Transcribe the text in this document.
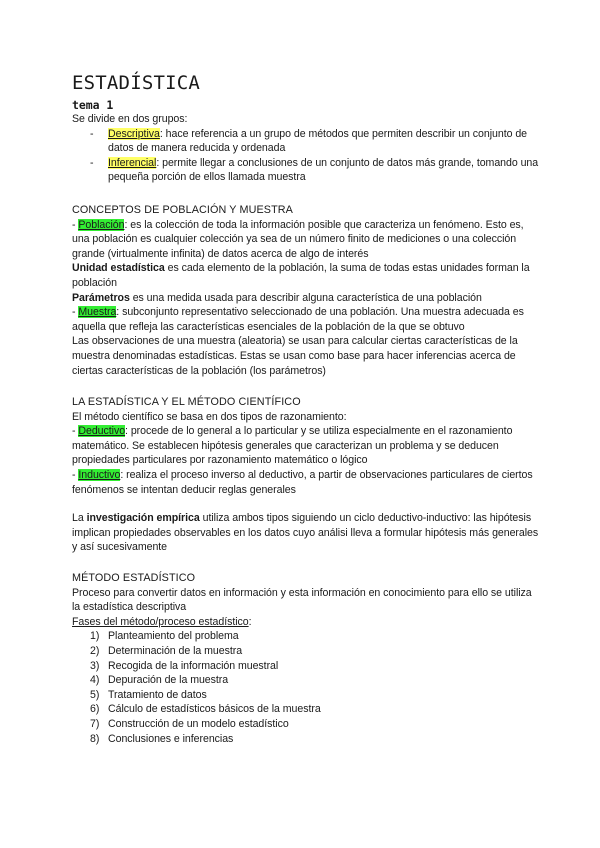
ESTADÍSTICA
tema 1

Se divide en dos grupos:

- Descriptiva: hace referencia a un grupo de métodos que permiten describir un conjunto de datos de manera reducida y ordenada
- Inferencial: permite llegar a conclusiones de un conjunto de datos más grande, tomando una pequeña porción de ellos llamada muestra
CONCEPTOS DE POBLACIÓN Y MUESTRA

- Población: es la colección de toda la información posible que caracteriza un fenómeno. Esto es, una población es cualquier colección ya sea de un número finito de mediciones o una colección grande (virtualmente infinita) de datos acerca de algo de interés

Unidad estadística es cada elemento de la población, la suma de todas estas unidades forman la población

Parámetros es una medida usada para describir alguna característica de una población

- Muestra: subconjunto representativo seleccionado de una población. Una muestra adecuada es aquella que refleja las características esenciales de la población de la que se obtuvo

Las observaciones de una muestra (aleatoria) se usan para calcular ciertas características de la muestra denominadas estadísticas. Estas se usan como base para hacer inferencias acerca de ciertas características de la población (los parámetros)

LA ESTADÍSTICA Y EL MÉTODO CIENTÍFICO

El método científico se basa en dos tipos de razonamiento:

- Deductivo: procede de lo general a lo particular y se utiliza especialmente en el razonamiento matemático. Se establecen hipótesis generales que caracterizan un problema y se deducen propiedades particulares por razonamiento matemático o lógico

- Inductivo: realiza el proceso inverso al deductivo, a partir de observaciones particulares de ciertos fenómenos se intentan deducir reglas generales

La investigación empírica utiliza ambos tipos siguiendo un ciclo deductivo-inductivo: las hipótesis implican propiedades observables en los datos cuyo análisi lleva a formular hipótesis más generales y así sucesivamente

MÉTODO ESTADÍSTICO

Proceso para convertir datos en información y esta información en conocimiento para ello se utiliza la estadística descriptiva

Fases del método/proceso estadístico:

1) Planteamiento del problema
2) Determinación de la muestra
3) Recogida de la información muestral
4) Depuración de la muestra
5) Tratamiento de datos
6) Cálculo de estadísticos básicos de la muestra
7) Construcción de un modelo estadístico
8) Conclusiones e inferencias
